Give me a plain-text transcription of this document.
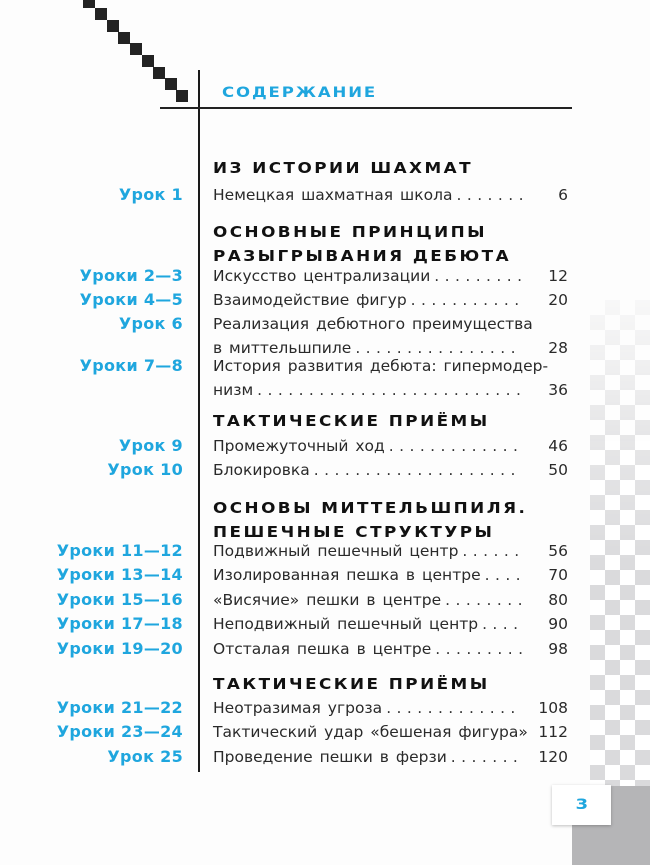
СОДЕРЖАНИЕ
ИЗ ИСТОРИИ ШАХМАТ
Урок 1 Немецкая шахматная школа . . .	6
ОСНОВНЫЕ ПРИНЦИПЫ
РАЗЫГРЫВАНИЯ ДЕБЮТА
Уроки 2—3 Искусство централизации . . .	12
Уроки 4—5 Взаимодействие фигур . . .	20
Урок 6 Реализация дебютного преимущества
в миттельшпиле . . .	28
Уроки 7—8 История развития дебюта: гипермодер-
низм . . .	36
ТАКТИЧЕСКИЕ ПРИЁМЫ
Урок 9 Промежуточный ход . . .	46
Урок 10 Блокировка . . .	50
ОСНОВЫ МИТТЕЛЬШПИЛЯ.
ПЕШЕЧНЫЕ СТРУКТУРЫ
Уроки 11—12 Подвижный пешечный центр . . .	56
Уроки 13—14 Изолированная пешка в центре . . .	70
Уроки 15—16 «Висячие» пешки в центре . . .	80
Уроки 17—18 Неподвижный пешечный центр . . .	90
Уроки 19—20 Отсталая пешка в центре . . .	98
ТАКТИЧЕСКИЕ ПРИЁМЫ
Уроки 21—22 Неотразимая угроза . . .	108
Уроки 23—24 Тактический удар «бешеная фигура» 112
Урок 25 Проведение пешки в ферзи . . .	120
3
